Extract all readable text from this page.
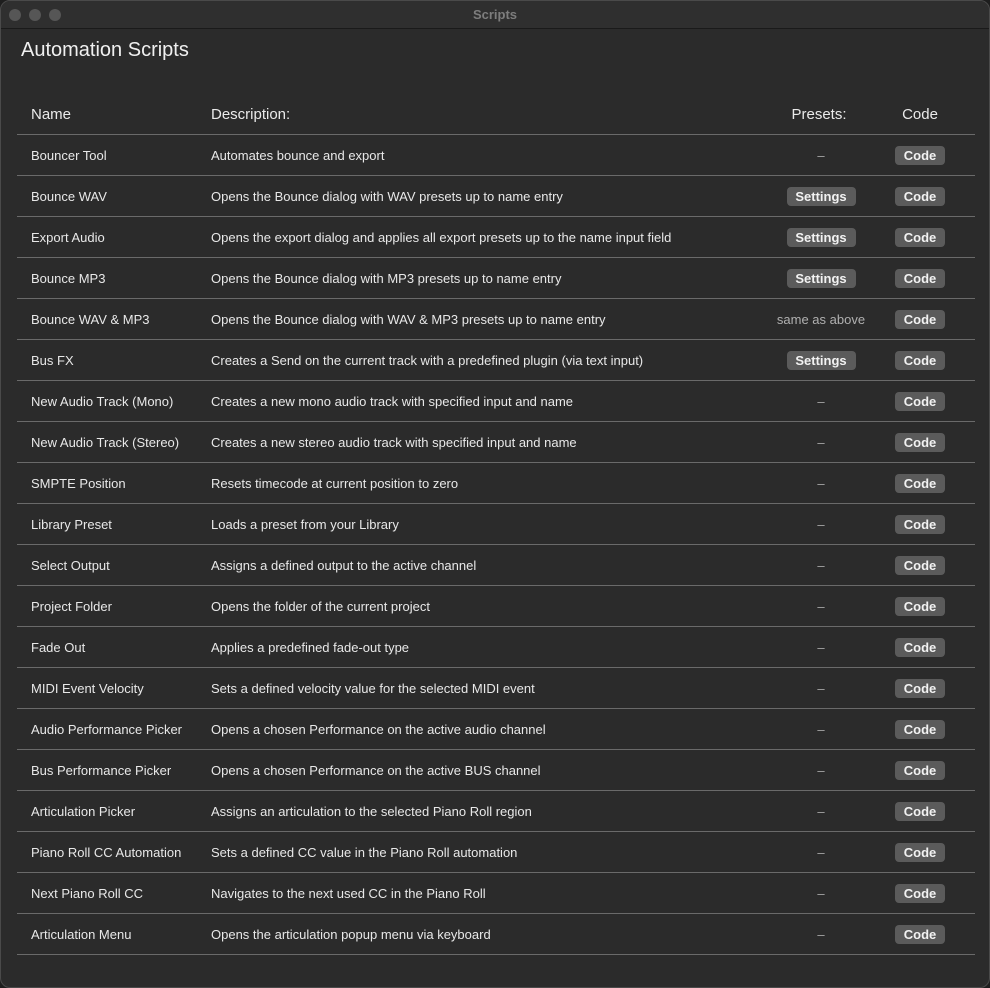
Scripts
Automation Scripts
Name	Description:	Presets:	Code
Bouncer Tool	Automates bounce and export	–	Code
Bounce WAV	Opens the Bounce dialog with WAV presets up to name entry	Settings	Code
Export Audio	Opens the export dialog and applies all export presets up to the name input field	Settings	Code
Bounce MP3	Opens the Bounce dialog with MP3 presets up to name entry	Settings	Code
Bounce WAV & MP3	Opens the Bounce dialog with WAV & MP3 presets up to name entry	same as above	Code
Bus FX	Creates a Send on the current track with a predefined plugin (via text input)	Settings	Code
New Audio Track (Mono)	Creates a new mono audio track with specified input and name	–	Code
New Audio Track (Stereo)	Creates a new stereo audio track with specified input and name	–	Code
SMPTE Position	Resets timecode at current position to zero	–	Code
Library Preset	Loads a preset from your Library	–	Code
Select Output	Assigns a defined output to the active channel	–	Code
Project Folder	Opens the folder of the current project	–	Code
Fade Out	Applies a predefined fade-out type	–	Code
MIDI Event Velocity	Sets a defined velocity value for the selected MIDI event	–	Code
Audio Performance Picker	Opens a chosen Performance on the active audio channel	–	Code
Bus Performance Picker	Opens a chosen Performance on the active BUS channel	–	Code
Articulation Picker	Assigns an articulation to the selected Piano Roll region	–	Code
Piano Roll CC Automation	Sets a defined CC value in the Piano Roll automation	–	Code
Next Piano Roll CC	Navigates to the next used CC in the Piano Roll	–	Code
Articulation Menu	Opens the articulation popup menu via keyboard	–	Code
